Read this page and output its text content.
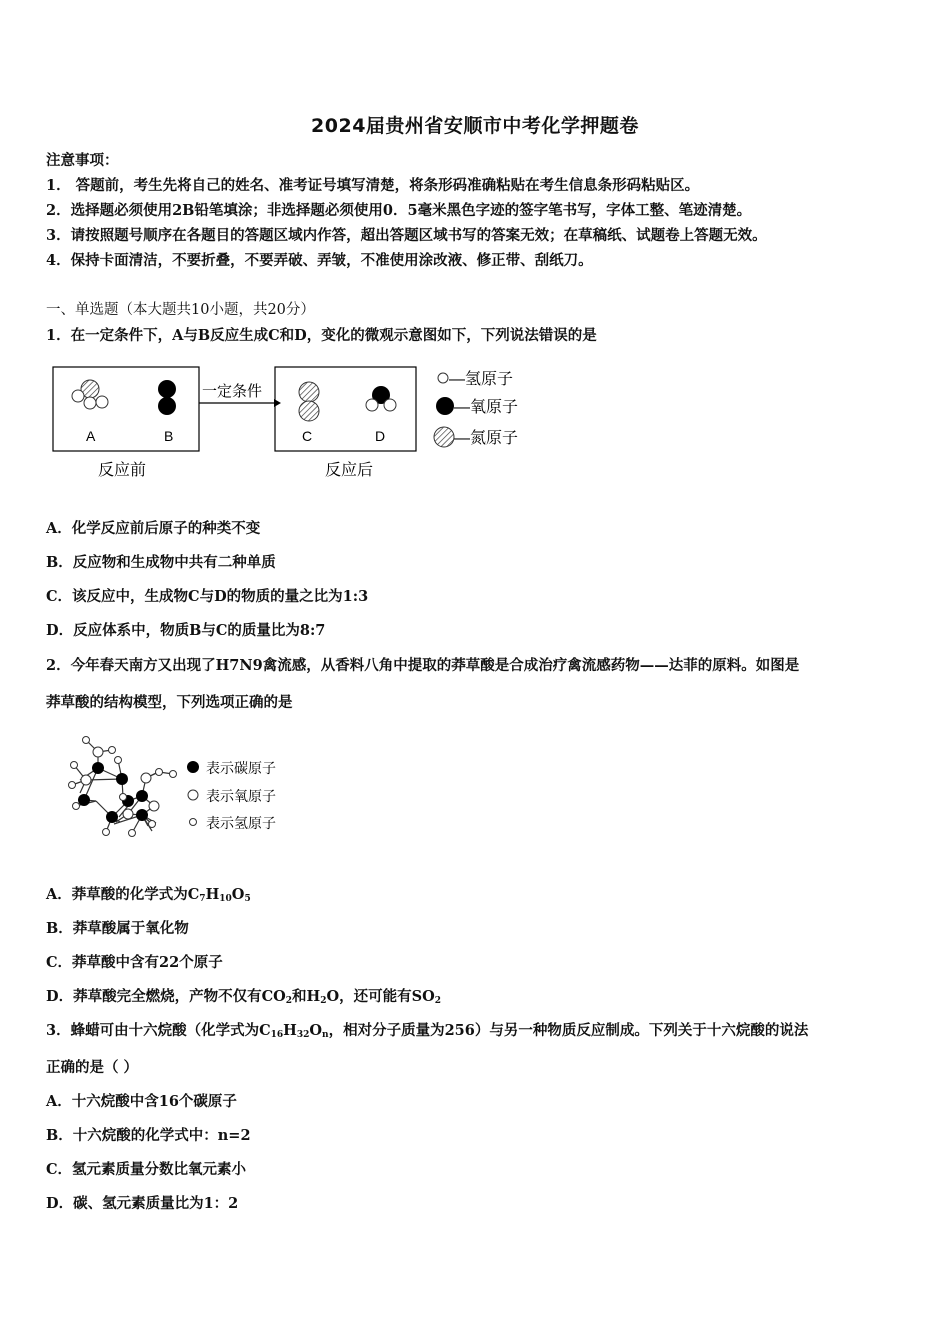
2024届贵州省安顺市中考化学押题卷
注意事项：
1． 答题前，考生先将自己的姓名、准考证号填写清楚，将条形码准确粘贴在考生信息条形码粘贴区。
2．选择题必须使用2B铅笔填涂；非选择题必须使用0．5毫米黑色字迹的签字笔书写，字体工整、笔迹清楚。
3．请按照题号顺序在各题目的答题区域内作答，超出答题区域书写的答案无效；在草稿纸、试题卷上答题无效。
4．保持卡面清洁，不要折叠，不要弄破、弄皱，不准使用涂改液、修正带、刮纸刀。
一、单选题（本大题共10小题，共20分）
1．在一定条件下，A与B反应生成C和D，变化的微观示意图如下，下列说法错误的是
A	B
一定条件
C	D
反应前	反应后
—氢原子
—氧原子
—氮原子
A．化学反应前后原子的种类不变
B．反应物和生成物中共有二种单质
C．该反应中，生成物C与D的物质的量之比为1:3
D．反应体系中，物质B与C的质量比为8:7
2．今年春天南方又出现了H7N9禽流感，从香料八角中提取的莽草酸是合成治疗禽流感药物——达菲的原料。如图是
莽草酸的结构模型，下列选项正确的是
表示碳原子
表示氧原子
表示氢原子
A．莽草酸的化学式为$C_7H_{10}O_5$
B．莽草酸属于氧化物
C．莽草酸中含有22个原子
D．莽草酸完全燃烧，产物不仅有$CO_2$和$H_2O$，还可能有$SO_2$
3．蜂蜡可由十六烷酸（化学式为$C_{16}H_{32}O_n$，相对分子质量为256）与另一种物质反应制成。下列关于十六烷酸的说法
正确的是（ ）
A．十六烷酸中含16个碳原子
B．十六烷酸的化学式中：n=2
C．氢元素质量分数比氧元素小
D．碳、氢元素质量比为1：2
